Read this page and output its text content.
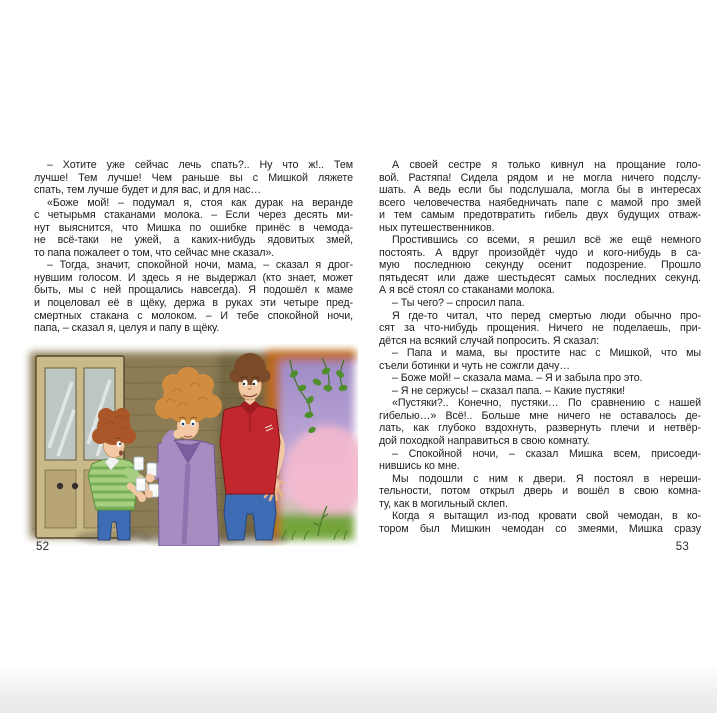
– Хотите уже сейчас лечь спать?.. Ну что ж!.. Тем
лучше! Тем лучше! Чем раньше вы с Мишкой ляжете
спать, тем лучше будет и для вас, и для нас…
«Боже мой! – подумал я, стоя как дурак на веранде
с четырьмя стаканами молока. – Если через десять ми-
нут выяснится, что Мишка по ошибке принёс в чемода-
не всё-таки не ужей, а каких-нибудь ядовитых змей,
то папа пожалеет о том, что сейчас мне сказал».
– Тогда, значит, спокойной ночи, мама, – сказал я дрог-
нувшим голосом. И здесь я не выдержал (кто знает, может
быть, мы с ней прощались навсегда). Я подошёл к маме
и поцеловал её в щёку, держа в руках эти четыре пред-
смертных стакана с молоком. – И тебе спокойной ночи,
папа, – сказал я, целуя и папу в щёку.
52
А своей сестре я только кивнул на прощание голо-
вой. Растяпа! Сидела рядом и не могла ничего подслу-
шать. А ведь если бы подслушала, могла бы в интересах
всего человечества наябедничать папе с мамой про змей
и тем самым предотвратить гибель двух будущих отваж-
ных путешественников.
Простившись со всеми, я решил всё же ещё немного
постоять. А вдруг произойдёт чудо и кого-нибудь в са-
мую последнюю секунду осенит подозрение. Прошло
пятьдесят или даже шестьдесят самых последних секунд.
А я всё стоял со стаканами молока.
– Ты чего? – спросил папа.
Я где-то читал, что перед смертью люди обычно про-
сят за что-нибудь прощения. Ничего не поделаешь, при-
дётся на всякий случай попросить. Я сказал:
– Папа и мама, вы простите нас с Мишкой, что мы
съели ботинки и чуть не сожгли дачу…
– Боже мой! – сказала мама. – Я и забыла про это.
– Я не сержусь! – сказал папа. – Какие пустяки!
«Пустяки?.. Конечно, пустяки… По сравнению с нашей
гибелью…» Всё!.. Больше мне ничего не оставалось де-
лать, как глубоко вздохнуть, развернуть плечи и нетвёр-
дой походкой направиться в свою комнату.
– Спокойной ночи, – сказал Мишка всем, присоеди-
нившись ко мне.
Мы подошли с ним к двери. Я постоял в нереши-
тельности, потом открыл дверь и вошёл в свою комна-
ту, как в могильный склеп.
Когда я вытащил из-под кровати свой чемодан, в ко-
тором был Мишкин чемодан со змеями, Мишка сразу
53
